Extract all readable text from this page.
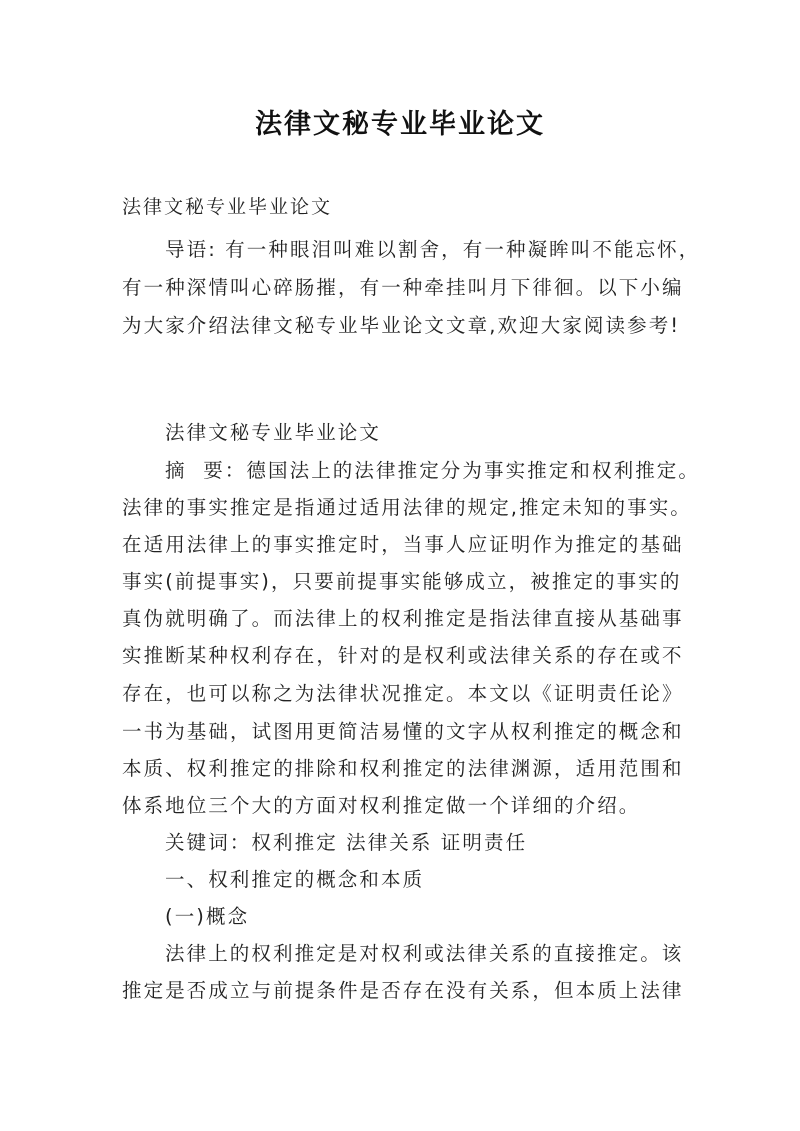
法律文秘专业毕业论文
法律文秘专业毕业论文
导语: 有一种眼泪叫难以割舍，有一种凝眸叫不能忘怀，
有一种深情叫心碎肠摧，有一种牵挂叫月下徘徊。以下小编
为大家介绍法律文秘专业毕业论文文章,欢迎大家阅读参考!
法律文秘专业毕业论文
摘  要：德国法上的法律推定分为事实推定和权利推定。
法律的事实推定是指通过适用法律的规定,推定未知的事实。
在适用法律上的事实推定时，当事人应证明作为推定的基础
事实(前提事实)，只要前提事实能够成立，被推定的事实的
真伪就明确了。而法律上的权利推定是指法律直接从基础事
实推断某种权利存在，针对的是权利或法律关系的存在或不
存在，也可以称之为法律状况推定。本文以《证明责任论》
一书为基础，试图用更简洁易懂的文字从权利推定的概念和
本质、权利推定的排除和权利推定的法律渊源，适用范围和
体系地位三个大的方面对权利推定做一个详细的介绍。
关键词：权利推定 法律关系 证明责任
一、权利推定的概念和本质
(一)概念
法律上的权利推定是对权利或法律关系的直接推定。该
推定是否成立与前提条件是否存在没有关系，但本质上法律
